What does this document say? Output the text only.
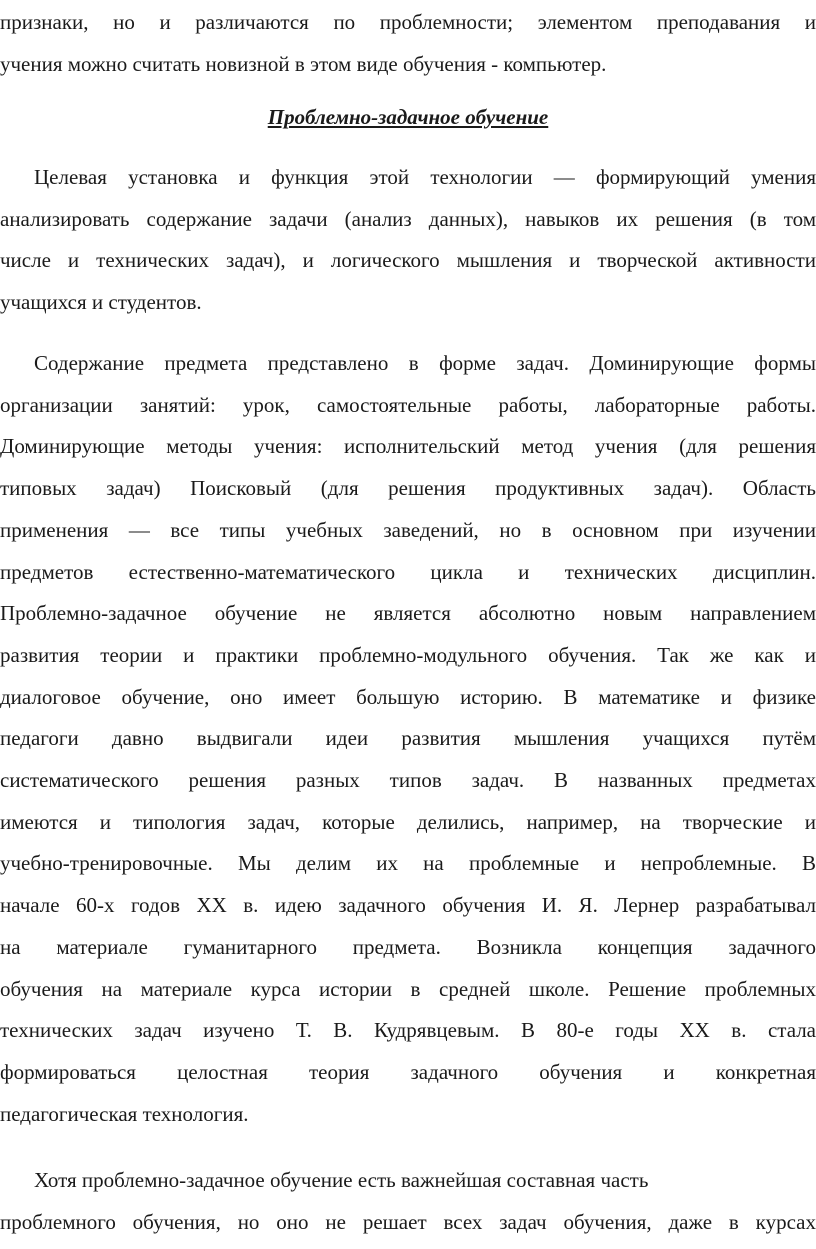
признаки, но и различаются по проблемности; элементом преподавания и
учения можно считать новизной в этом виде обучения - компьютер.

Проблемно-задачное обучение

Целевая установка и функция этой технологии — формирующий умения
анализировать содержание задачи (анализ данных), навыков их решения (в том
числе и технических задач), и логического мышления и творческой активности
учащихся и студентов.

Содержание предмета представлено в форме задач. Доминирующие формы
организации занятий: урок, самостоятельные работы, лабораторные работы.
Доминирующие методы учения: исполнительский метод учения (для решения
типовых задач) Поисковый (для решения продуктивных задач). Область
применения — все типы учебных заведений, но в основном при изучении
предметов естественно-математического цикла и технических дисциплин.
Проблемно-задачное обучение не является абсолютно новым направлением
развития теории и практики проблемно-модульного обучения. Так же как и
диалоговое обучение, оно имеет большую историю. В математике и физике
педагоги давно выдвигали идеи развития мышления учащихся путём
систематического решения разных типов задач. В названных предметах
имеются и типология задач, которые делились, например, на творческие и
учебно-тренировочные. Мы делим их на проблемные и непроблемные. В
начале 60-х годов XX в. идею задачного обучения И. Я. Лернер разрабатывал
на материале гуманитарного предмета. Возникла концепция задачного
обучения на материале курса истории в средней школе. Решение проблемных
технических задач изучено Т. В. Кудрявцевым. В 80-е годы XX в. стала
формироваться целостная теория задачного обучения и конкретная
педагогическая технология.

Хотя проблемно-задачное обучение есть важнейшая составная часть
проблемного обучения, но оно не решает всех задач обучения, даже в курсах
